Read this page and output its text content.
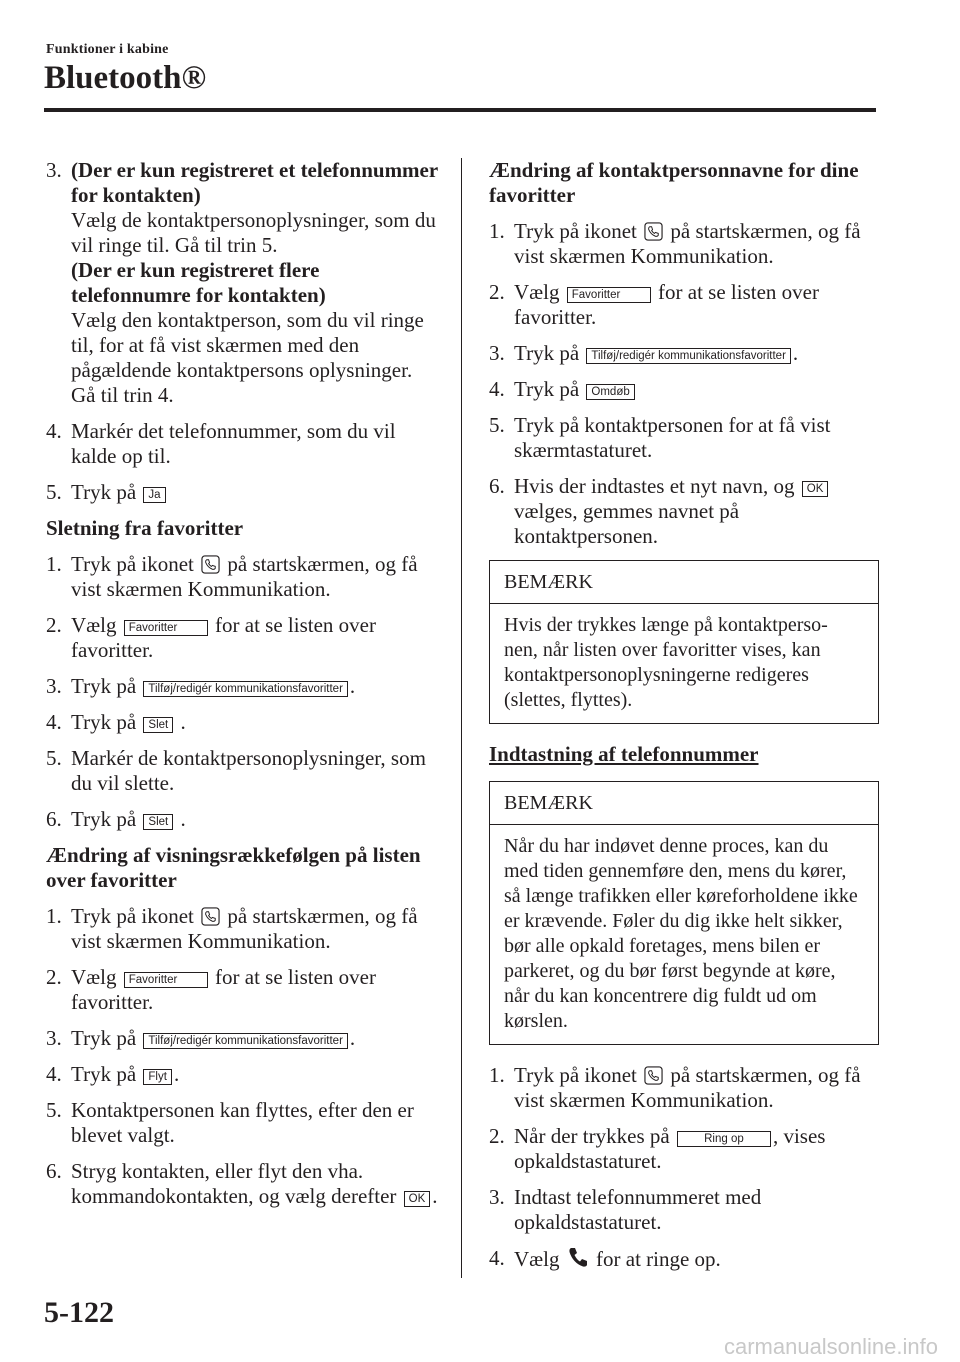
Funktioner i kabine
Bluetooth®
3. (Der er kun registreret et telefonnummer for kontakten)
Vælg de kontaktpersonoplysninger, som du vil ringe til. Gå til trin 5.
(Der er kun registreret flere telefonnumre for kontakten)
Vælg den kontaktperson, som du vil ringe til, for at få vist skærmen med den pågældende kontaktpersons oplysninger. Gå til trin 4.
4. Markér det telefonnummer, som du vil kalde op til.
5. Tryk på Ja
Sletning fra favoritter
1. Tryk på ikonet på startskærmen, og få vist skærmen Kommunikation.
2. Vælg Favoritter for at se listen over favoritter.
3. Tryk på Tilføj/redigér kommunikationsfavoritter .
4. Tryk på Slet .
5. Markér de kontaktpersonoplysninger, som du vil slette.
6. Tryk på Slet .
Ændring af visningsrækkefølgen på listen over favoritter
1. Tryk på ikonet på startskærmen, og få vist skærmen Kommunikation.
2. Vælg Favoritter for at se listen over favoritter.
3. Tryk på Tilføj/redigér kommunikationsfavoritter .
4. Tryk på Flyt .
5. Kontaktpersonen kan flyttes, efter den er blevet valgt.
6. Stryg kontakten, eller flyt den vha. kommandokontakten, og vælg derefter OK .
Ændring af kontaktpersonnavne for dine favoritter
1. Tryk på ikonet på startskærmen, og få vist skærmen Kommunikation.
2. Vælg Favoritter for at se listen over favoritter.
3. Tryk på Tilføj/redigér kommunikationsfavoritter .
4. Tryk på Omdøb
5. Tryk på kontaktpersonen for at få vist skærmtastaturet.
6. Hvis der indtastes et nyt navn, og OK vælges, gemmes navnet på kontaktpersonen.
BEMÆRK
Hvis der trykkes længe på kontaktperso- nen, når listen over favoritter vises, kan kontaktpersonoplysningerne redigeres (slettes, flyttes).
Indtastning af telefonnummer
BEMÆRK
Når du har indøvet denne proces, kan du med tiden gennemføre den, mens du kører, så længe trafikken eller køreforholdene ikke er krævende. Føler du dig ikke helt sikker, bør alle opkald foretages, mens bilen er parkeret, og du bør først begynde at køre, når du kan koncentrere dig fuldt ud om kørslen.
1. Tryk på ikonet på startskærmen, og få vist skærmen Kommunikation.
2. Når der trykkes på	Ring op , vises opkaldstastaturet.
3. Indtast telefonnummeret med opkaldstastaturet.
4. Vælg for at ringe op.
5-122
carmanualsonline.info
